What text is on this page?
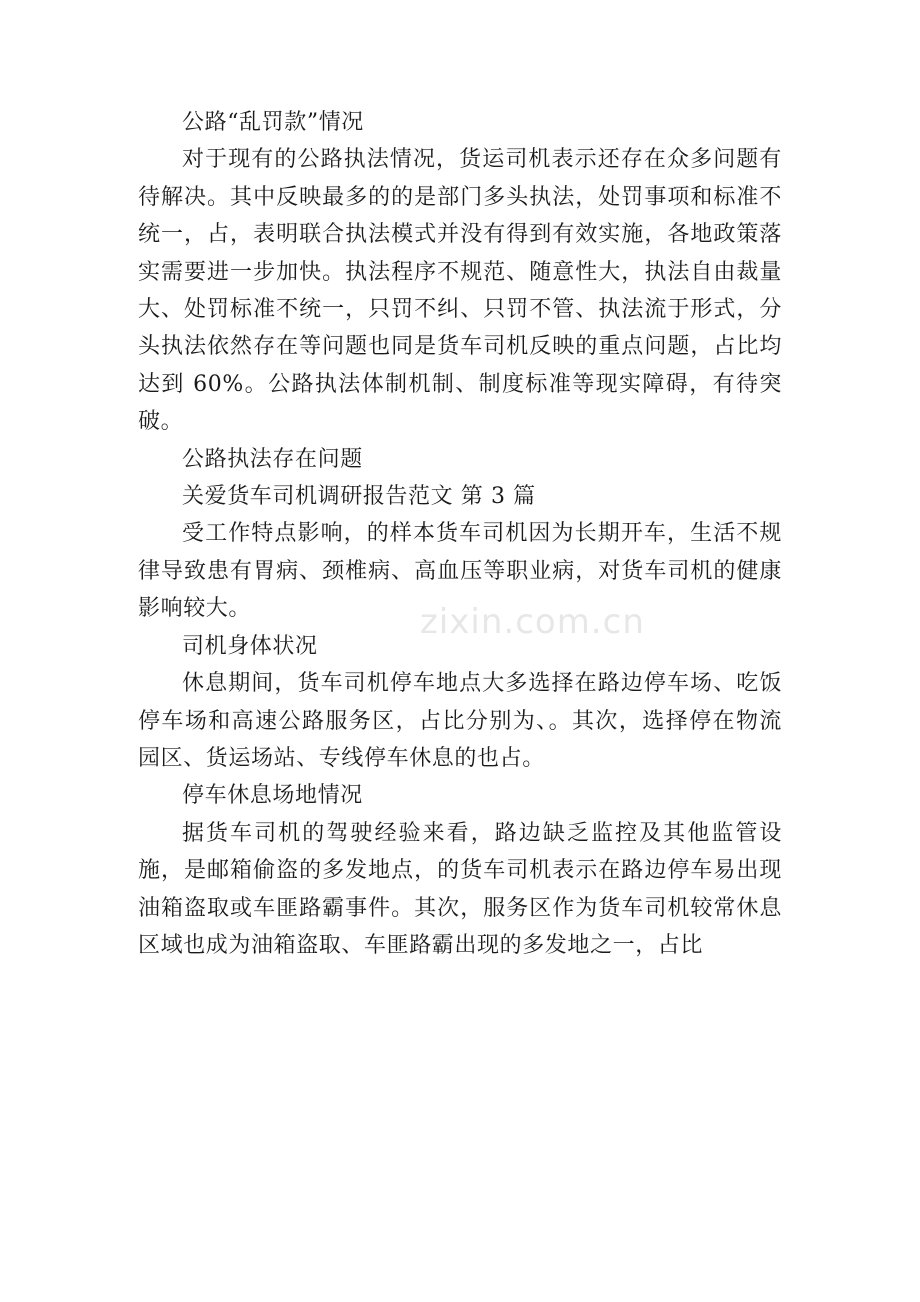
公路“乱罚款”情况

对于现有的公路执法情况，货运司机表示还存在众多问题有待解决。其中反映最多的的是部门多头执法，处罚事项和标准不统一，占，表明联合执法模式并没有得到有效实施，各地政策落实需要进一步加快。执法程序不规范、随意性大，执法自由裁量大、处罚标准不统一，只罚不纠、只罚不管、执法流于形式，分头执法依然存在等问题也同是货车司机反映的重点问题，占比均达到 60%。公路执法体制机制、制度标准等现实障碍，有待突破。

公路执法存在问题

关爱货车司机调研报告范文 第 3 篇

受工作特点影响，的样本货车司机因为长期开车，生活不规律导致患有胃病、颈椎病、高血压等职业病，对货车司机的健康影响较大。

司机身体状况

休息期间，货车司机停车地点大多选择在路边停车场、吃饭停车场和高速公路服务区，占比分别为、。其次，选择停在物流园区、货运场站、专线停车休息的也占。

停车休息场地情况

据货车司机的驾驶经验来看，路边缺乏监控及其他监管设施，是邮箱偷盗的多发地点，的货车司机表示在路边停车易出现油箱盗取或车匪路霸事件。其次，服务区作为货车司机较常休息区域也成为油箱盗取、车匪路霸出现的多发地之一，占比

zixin.com.cn
